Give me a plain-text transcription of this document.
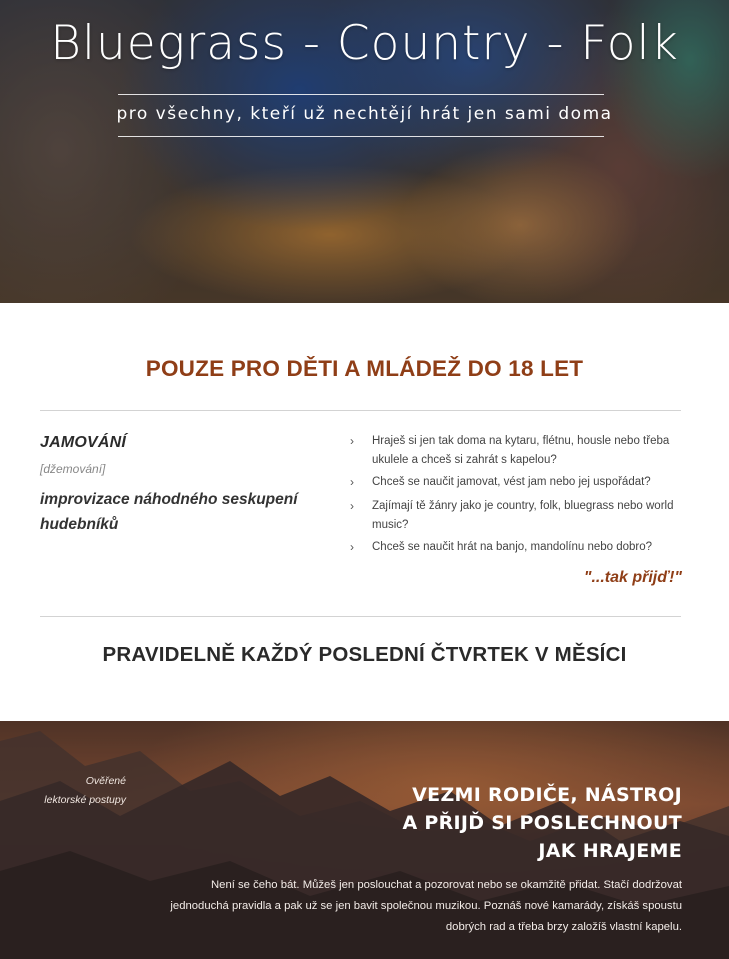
Bluegrass - Country - Folk

pro všechny, kteří už nechtějí hrát jen sami doma

POUZE PRO DĚTI A MLÁDEŽ DO 18 LET
JAMOVÁNÍ
[džemování]
improvizace náhodného seskupení hudebníků
› Hraješ si jen tak doma na kytaru, flétnu, housle nebo třeba ukulele a chceš si zahrát s kapelou?
› Chceš se naučit jamovat, vést jam nebo jej uspořádat?
› Zajímají tě žánry jako je country, folk, bluegrass nebo world music?
› Chceš se naučit hrát na banjo, mandolínu nebo dobro?
"...tak přijď!"
PRAVIDELNĚ KAŽDÝ POSLEDNÍ ČTVRTEK V MĚSÍCI
Ověřené
lektorské postupy	VEZMI RODIČE, NÁSTROJ
A PŘIJĎ SI POSLECHNOUT
JAK HRAJEME

Není se čeho bát. Můžeš jen poslouchat a pozorovat nebo se okamžitě přidat. Stačí dodržovat jednoduchá pravidla a pak už se jen bavit společnou muzikou. Poznáš nové kamarády, získáš spoustu dobrých rad a třeba brzy založíš vlastní kapelu.
